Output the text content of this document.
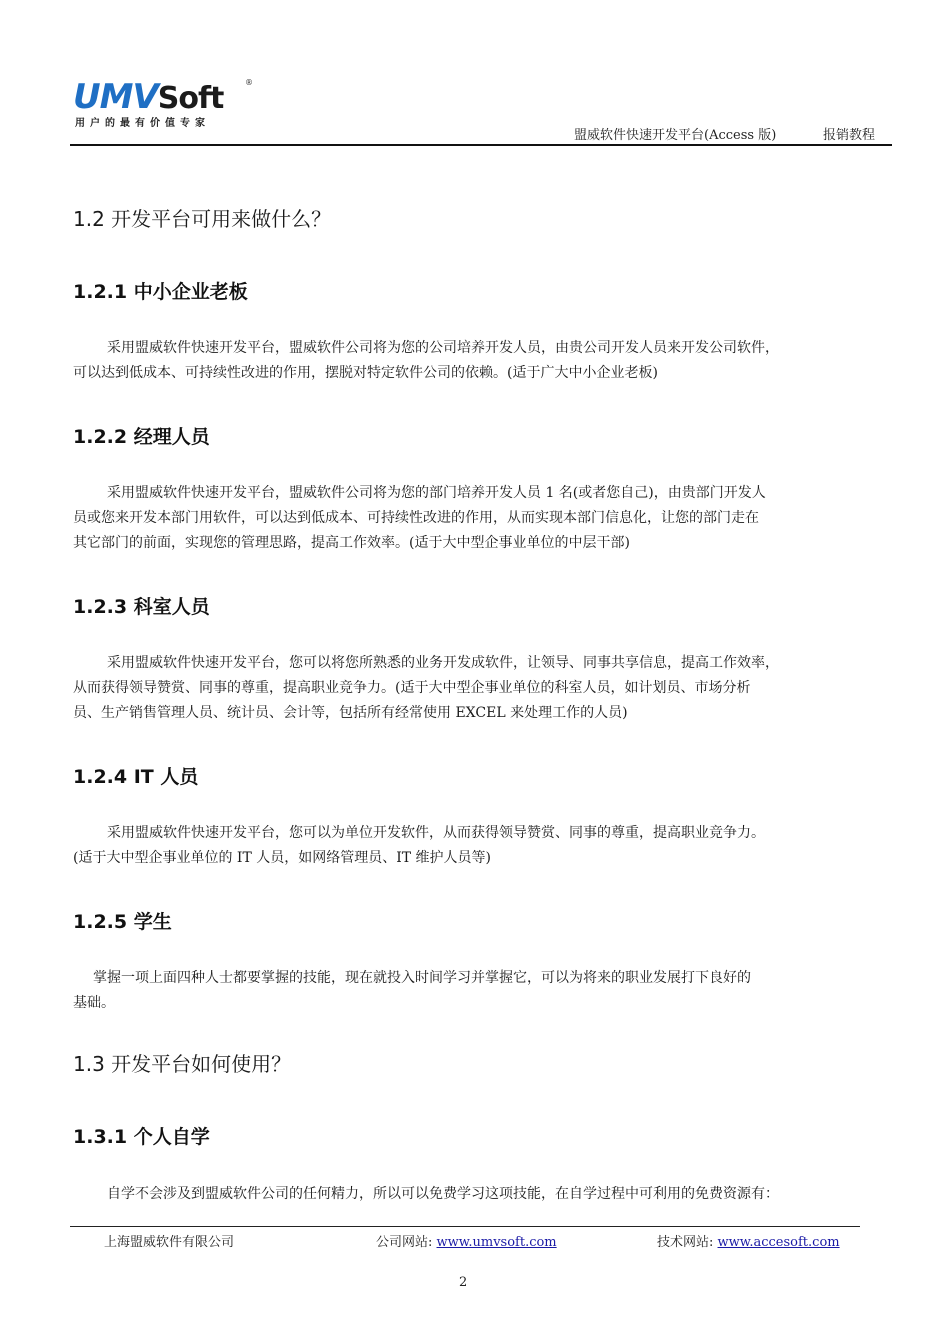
UMVSoft	®
用户的最有价值专家
盟威软件快速开发平台(Access 版)	报销教程
1.2 开发平台可用来做什么？
1.2.1 中小企业老板
采用盟威软件快速开发平台，盟威软件公司将为您的公司培养开发人员，由贵公司开发人员来开发公司软件，
可以达到低成本、可持续性改进的作用，摆脱对特定软件公司的依赖。(适于广大中小企业老板)
1.2.2 经理人员
采用盟威软件快速开发平台，盟威软件公司将为您的部门培养开发人员 1 名(或者您自己)，由贵部门开发人
员或您来开发本部门用软件，可以达到低成本、可持续性改进的作用，从而实现本部门信息化，让您的部门走在
其它部门的前面，实现您的管理思路，提高工作效率。(适于大中型企事业单位的中层干部)
1.2.3 科室人员
采用盟威软件快速开发平台，您可以将您所熟悉的业务开发成软件，让领导、同事共享信息，提高工作效率，
从而获得领导赞赏、同事的尊重，提高职业竞争力。(适于大中型企事业单位的科室人员，如计划员、市场分析
员、生产销售管理人员、统计员、会计等，包括所有经常使用 EXCEL 来处理工作的人员)
1.2.4 IT 人员
采用盟威软件快速开发平台，您可以为单位开发软件，从而获得领导赞赏、同事的尊重，提高职业竞争力。
(适于大中型企事业单位的 IT 人员，如网络管理员、IT 维护人员等)
1.2.5 学生
掌握一项上面四种人士都要掌握的技能，现在就投入时间学习并掌握它，可以为将来的职业发展打下良好的
基础。
1.3 开发平台如何使用？
1.3.1 个人自学
自学不会涉及到盟威软件公司的任何精力，所以可以免费学习这项技能，在自学过程中可利用的免费资源有：
上海盟威软件有限公司	公司网站: www.umvsoft.com	技术网站: www.accesoft.com
2
